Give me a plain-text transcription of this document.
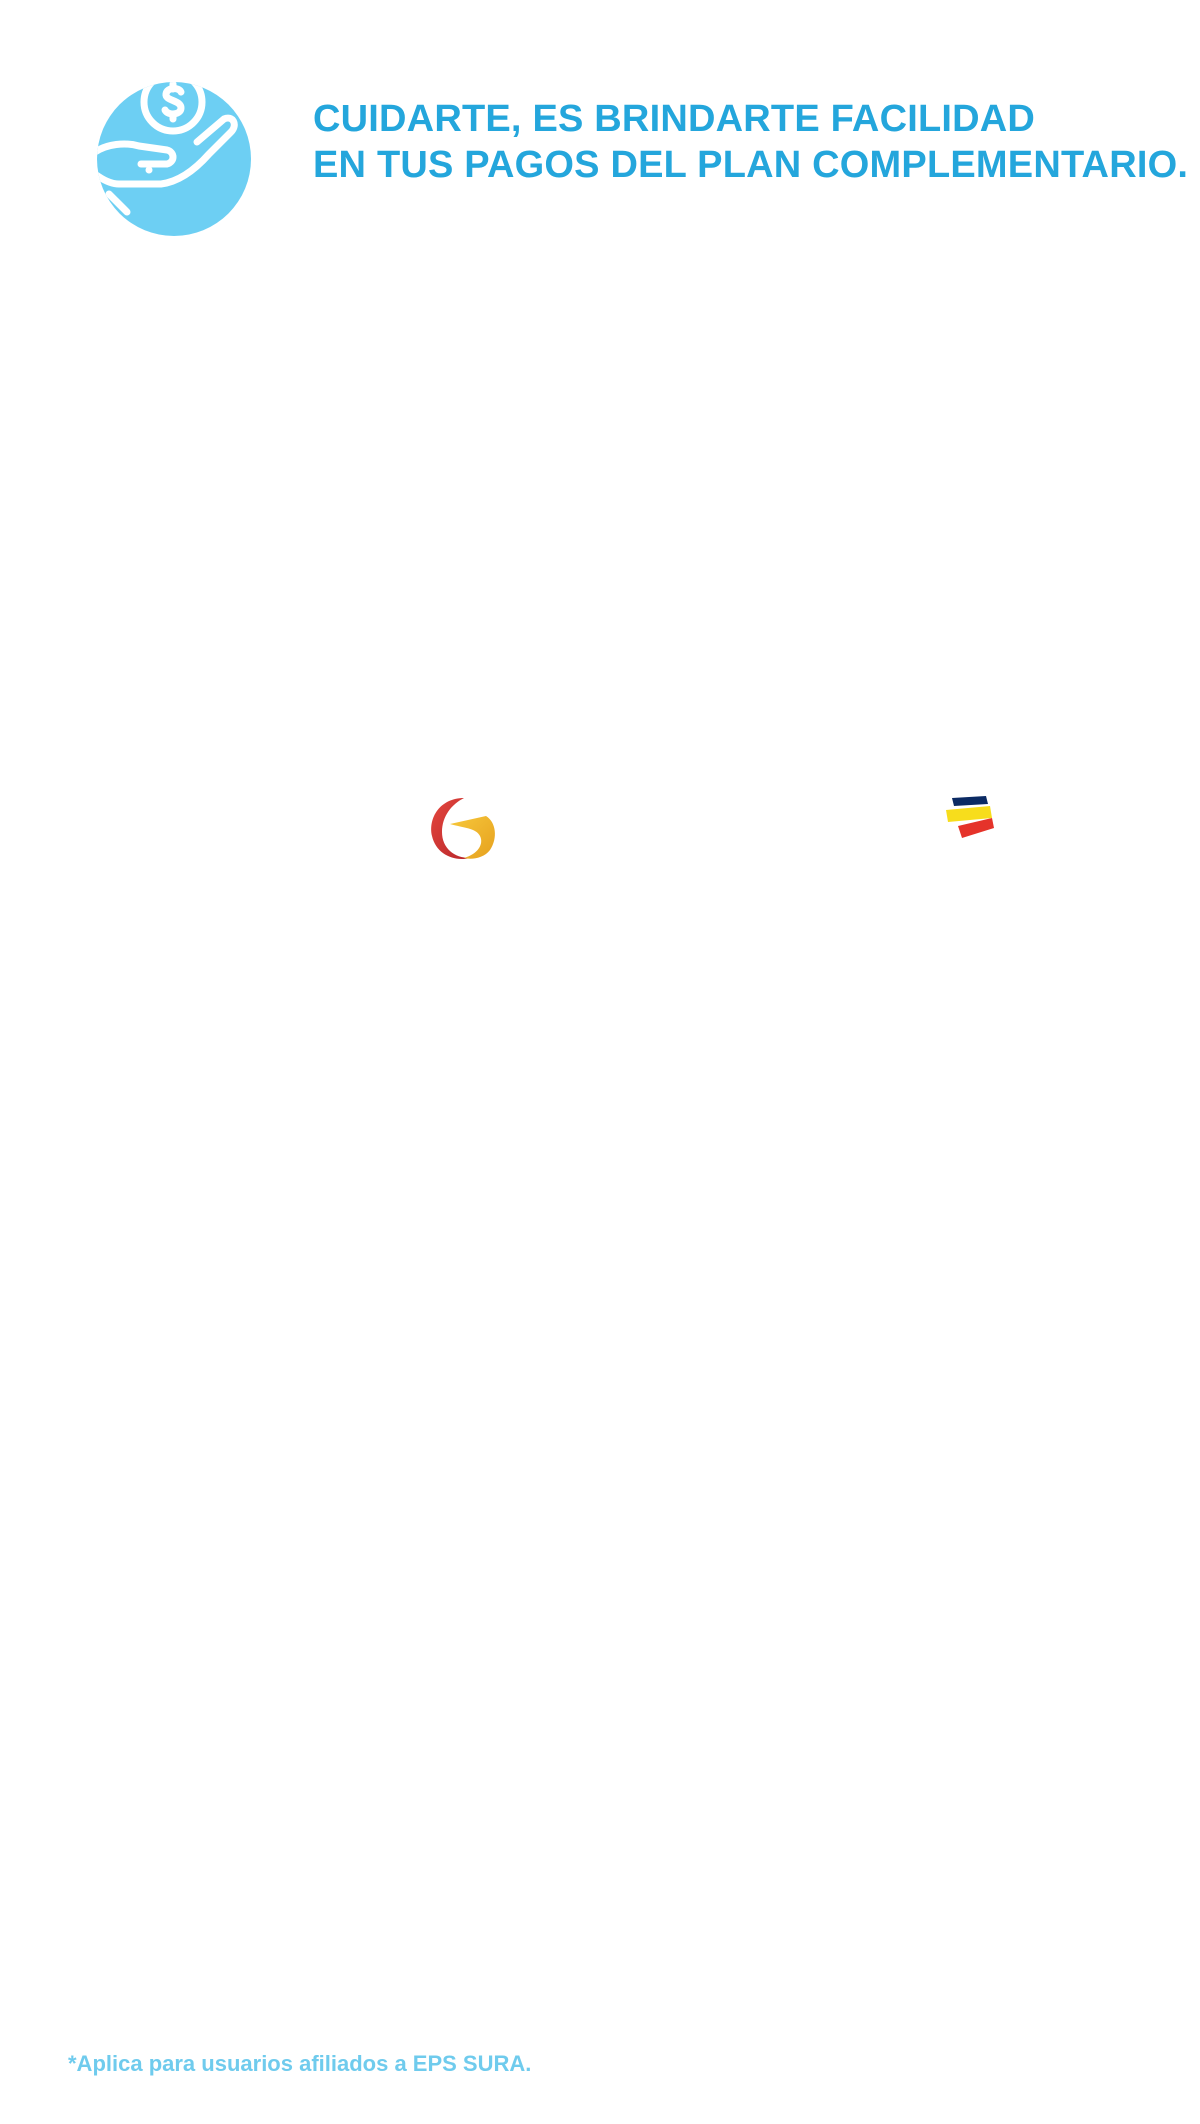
CUIDARTE, ES BRINDARTE FACILIDAD
EN TUS PAGOS DEL PLAN COMPLEMENTARIO.
*Aplica para usuarios afiliados a EPS SURA.
